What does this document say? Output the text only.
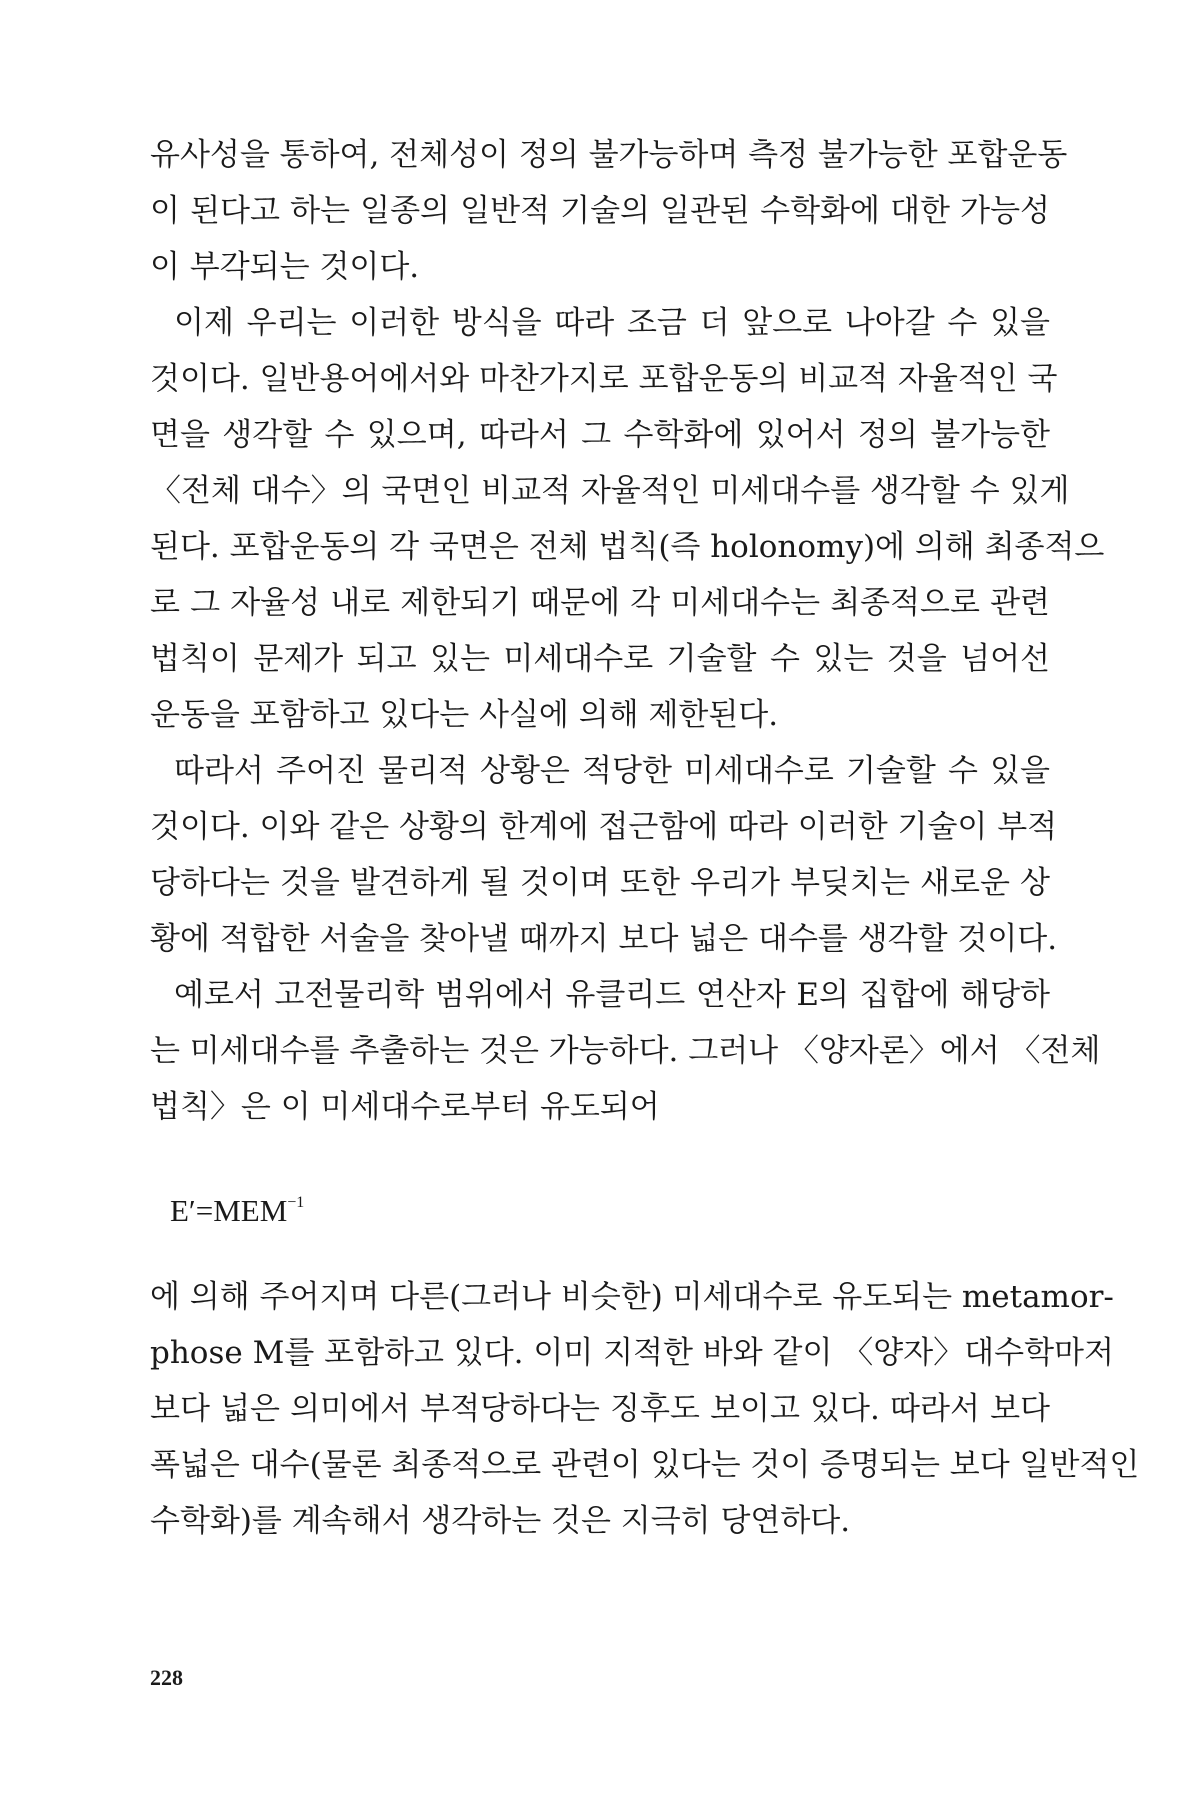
유사성을 통하여, 전체성이 정의 불가능하며 측정 불가능한 포합운동
이 된다고 하는 일종의 일반적 기술의 일관된 수학화에 대한 가능성
이 부각되는 것이다.
이제 우리는 이러한 방식을 따라 조금 더 앞으로 나아갈 수 있을
것이다. 일반용어에서와 마찬가지로 포합운동의 비교적 자율적인 국
면을 생각할 수 있으며, 따라서 그 수학화에 있어서 정의 불가능한
〈전체 대수〉의 국면인 비교적 자율적인 미세대수를 생각할 수 있게
된다. 포합운동의 각 국면은 전체 법칙(즉 holonomy)에 의해 최종적으
로 그 자율성 내로 제한되기 때문에 각 미세대수는 최종적으로 관련
법칙이 문제가 되고 있는 미세대수로 기술할 수 있는 것을 넘어선
운동을 포함하고 있다는 사실에 의해 제한된다.
따라서 주어진 물리적 상황은 적당한 미세대수로 기술할 수 있을
것이다. 이와 같은 상황의 한계에 접근함에 따라 이러한 기술이 부적
당하다는 것을 발견하게 될 것이며 또한 우리가 부딪치는 새로운 상
황에 적합한 서술을 찾아낼 때까지 보다 넓은 대수를 생각할 것이다.
예로서 고전물리학 범위에서 유클리드 연산자 E의 집합에 해당하
는 미세대수를 추출하는 것은 가능하다. 그러나 〈양자론〉에서 〈전체
법칙〉은 이 미세대수로부터 유도되어
$E'=MEM^{-1}$
에 의해 주어지며 다른(그러나 비슷한) 미세대수로 유도되는 metamor-
phose M를 포함하고 있다. 이미 지적한 바와 같이 〈양자〉대수학마저
보다 넓은 의미에서 부적당하다는 징후도 보이고 있다. 따라서 보다
폭넓은 대수(물론 최종적으로 관련이 있다는 것이 증명되는 보다 일반적인
수학화)를 계속해서 생각하는 것은 지극히 당연하다.
228
